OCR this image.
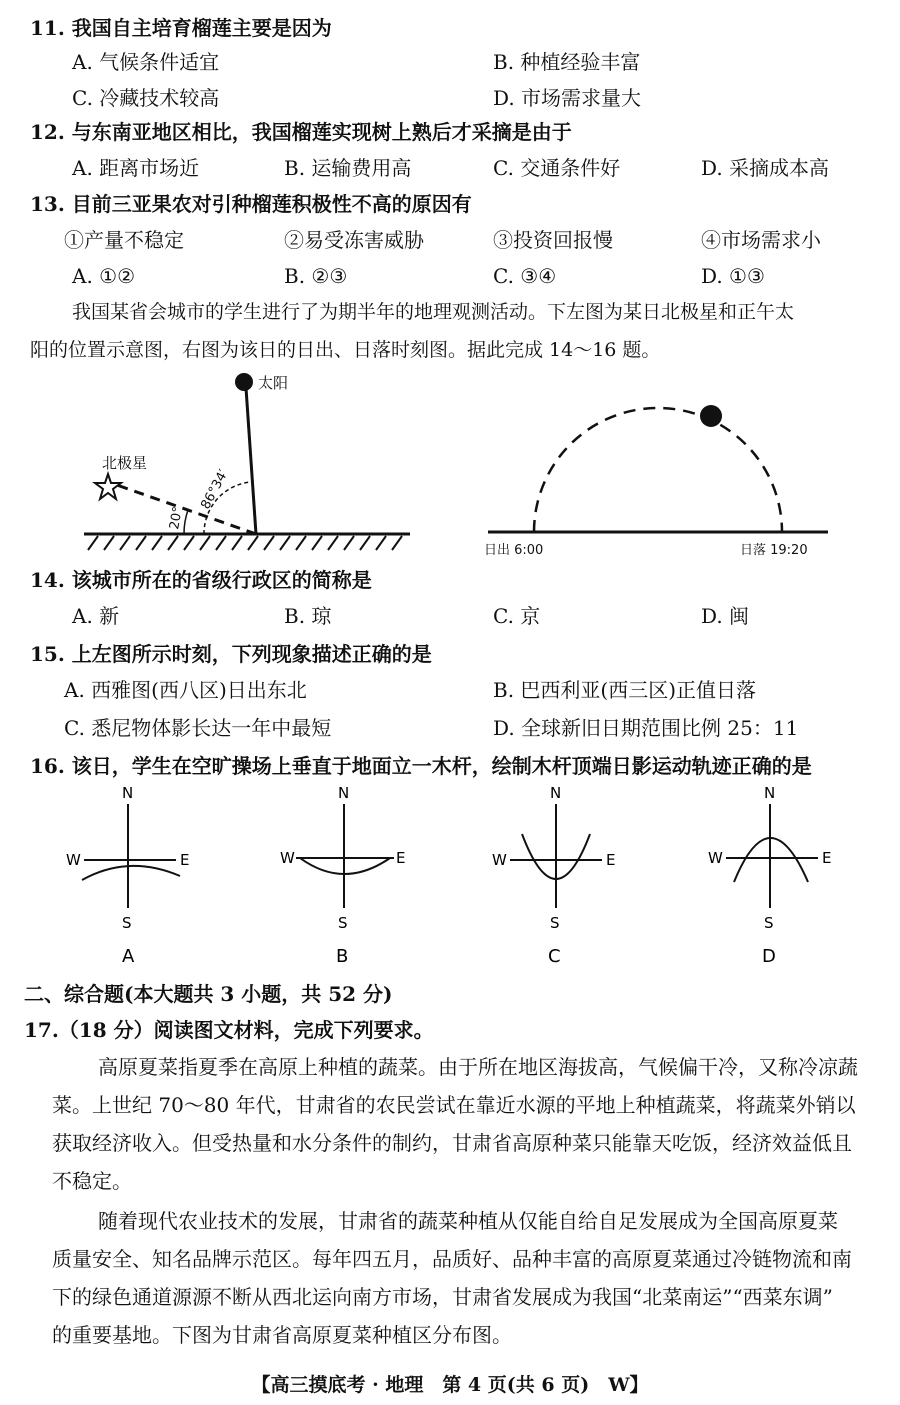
11. 我国自主培育榴莲主要是因为
A. 气候条件适宜	B. 种植经验丰富
C. 冷藏技术较高	D. 市场需求量大
12. 与东南亚地区相比，我国榴莲实现树上熟后才采摘是由于
A. 距离市场近	B. 运输费用高	C. 交通条件好	D. 采摘成本高
13. 目前三亚果农对引种榴莲积极性不高的原因有
①产量不稳定	②易受冻害威胁	③投资回报慢	④市场需求小
A. ①②	B. ②③	C. ③④	D. ①③
我国某省会城市的学生进行了为期半年的地理观测活动。下左图为某日北极星和正午太
阳的位置示意图，右图为该日的日出、日落时刻图。据此完成 14～16 题。
太阳
北极星
20°
86°34′
日出 6:00	日落 19:20
14. 该城市所在的省级行政区的简称是
A. 新	B. 琼	C. 京	D. 闽
15. 上左图所示时刻，下列现象描述正确的是
A. 西雅图(西八区)日出东北	B. 巴西利亚(西三区)正值日落
C. 悉尼物体影长达一年中最短	D. 全球新旧日期范围比例 25：11
16. 该日，学生在空旷操场上垂直于地面立一木杆，绘制木杆顶端日影运动轨迹正确的是
N
S
W	E
A
N
S
W	E
B
N
S
W	E
C
N
S
W	E
D
二、综合题(本大题共 3 小题，共 52 分)
17.（18 分）阅读图文材料，完成下列要求。
高原夏菜指夏季在高原上种植的蔬菜。由于所在地区海拔高，气候偏干冷，又称冷凉蔬
菜。上世纪 70～80 年代，甘肃省的农民尝试在靠近水源的平地上种植蔬菜，将蔬菜外销以
获取经济收入。但受热量和水分条件的制约，甘肃省高原种菜只能靠天吃饭，经济效益低且
不稳定。
随着现代农业技术的发展，甘肃省的蔬菜种植从仅能自给自足发展成为全国高原夏菜
质量安全、知名品牌示范区。每年四五月，品质好、品种丰富的高原夏菜通过冷链物流和南
下的绿色通道源源不断从西北运向南方市场，甘肃省发展成为我国“北菜南运”“西菜东调”
的重要基地。下图为甘肃省高原夏菜种植区分布图。
【高三摸底考 · 地理　第 4 页(共 6 页)　W】
